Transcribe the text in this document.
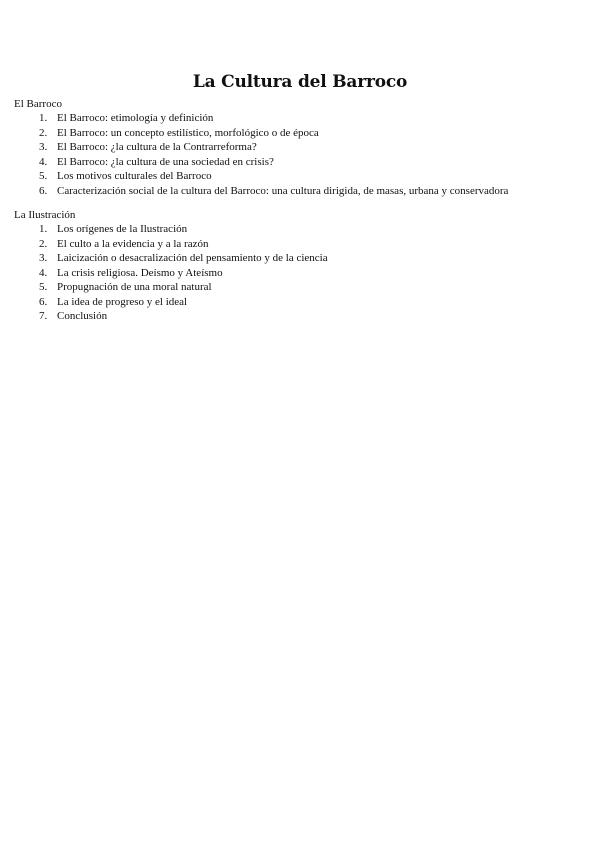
La Cultura del Barroco
El Barroco
1. El Barroco: etimología y definición
2. El Barroco: un concepto estilístico, morfológico o de época
3. El Barroco: ¿la cultura de la Contrarreforma?
4. El Barroco: ¿la cultura de una sociedad en crisis?
5. Los motivos culturales del Barroco
6. Caracterización social de la cultura del Barroco: una cultura dirigida, de masas, urbana y conservadora
La Ilustración
1. Los orígenes de la Ilustración
2. El culto a la evidencia y a la razón
3. Laicización o desacralización del pensamiento y de la ciencia
4. La crisis religiosa. Deísmo y Ateísmo
5. Propugnación de una moral natural
6. La idea de progreso y el ideal
7. Conclusión
